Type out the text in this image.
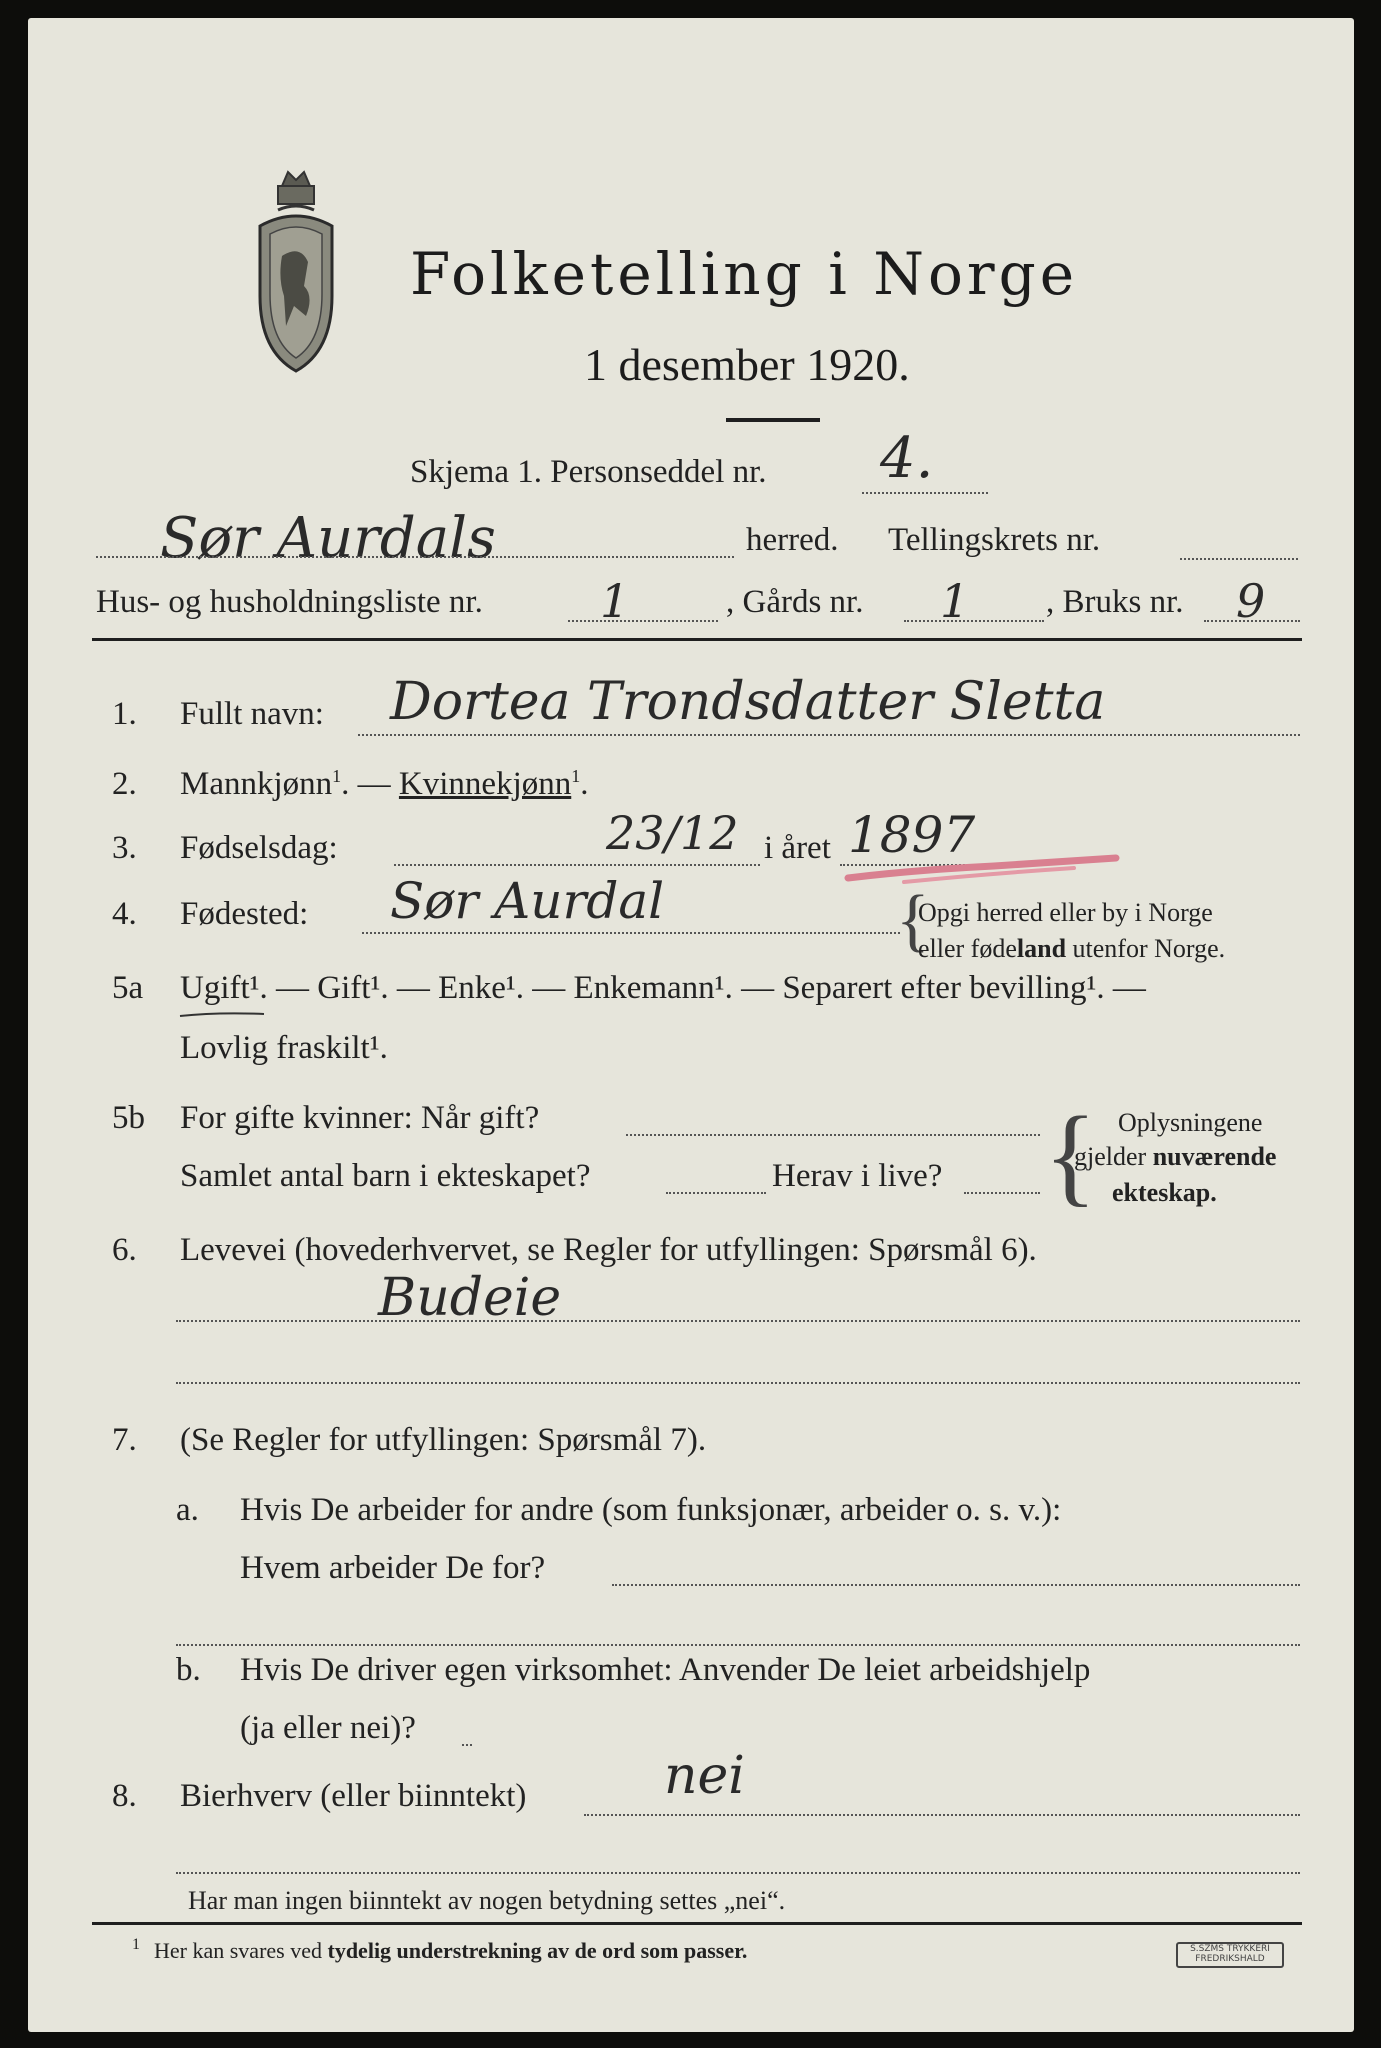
Folketelling i Norge
1 desember 1920.
Skjema 1. Personseddel nr. 4.
Sør Aurdals	herred. Tellingskrets nr.
Hus- og husholdningsliste nr.	1	, Gårds nr. 1 , Bruks nr. 9
1. Fullt navn: Dortea Trondsdatter Sletta
2. Mannkjønn$^1$. — Kvinnekjønn$^1$.
3. Fødselsdag:	23/12 i året 1897
4. Fødested: Sør Aurdal	{
Opgi herred eller by i Norge
eller fødeland utenfor Norge.
5a Ugift¹. — Gift¹. — Enke¹. — Enkemann¹. — Separert efter bevilling¹. —
Lovlig fraskilt¹.
5b For gifte kvinner: Når gift?
Samlet antal barn i ekteskapet?	Herav i live? { Oplysningene
gjelder nuværende
ekteskap.
6. Levevei (hovederhvervet, se Regler for utfyllingen: Spørsmål 6).
Budeie
7. (Se Regler for utfyllingen: Spørsmål 7).
a. Hvis De arbeider for andre (som funksjonær, arbeider o. s. v.):
Hvem arbeider De for?
b. Hvis De driver egen virksomhet: Anvender De leiet arbeidshjelp
(ja eller nei)?
8. Bierhverv (eller biinntekt)	nei
Har man ingen biinntekt av nogen betydning settes „nei“.
1 Her kan svares ved tydelig understrekning av de ord som passer.	S.SZMS TRYKKERI FREDRIKSHALD
